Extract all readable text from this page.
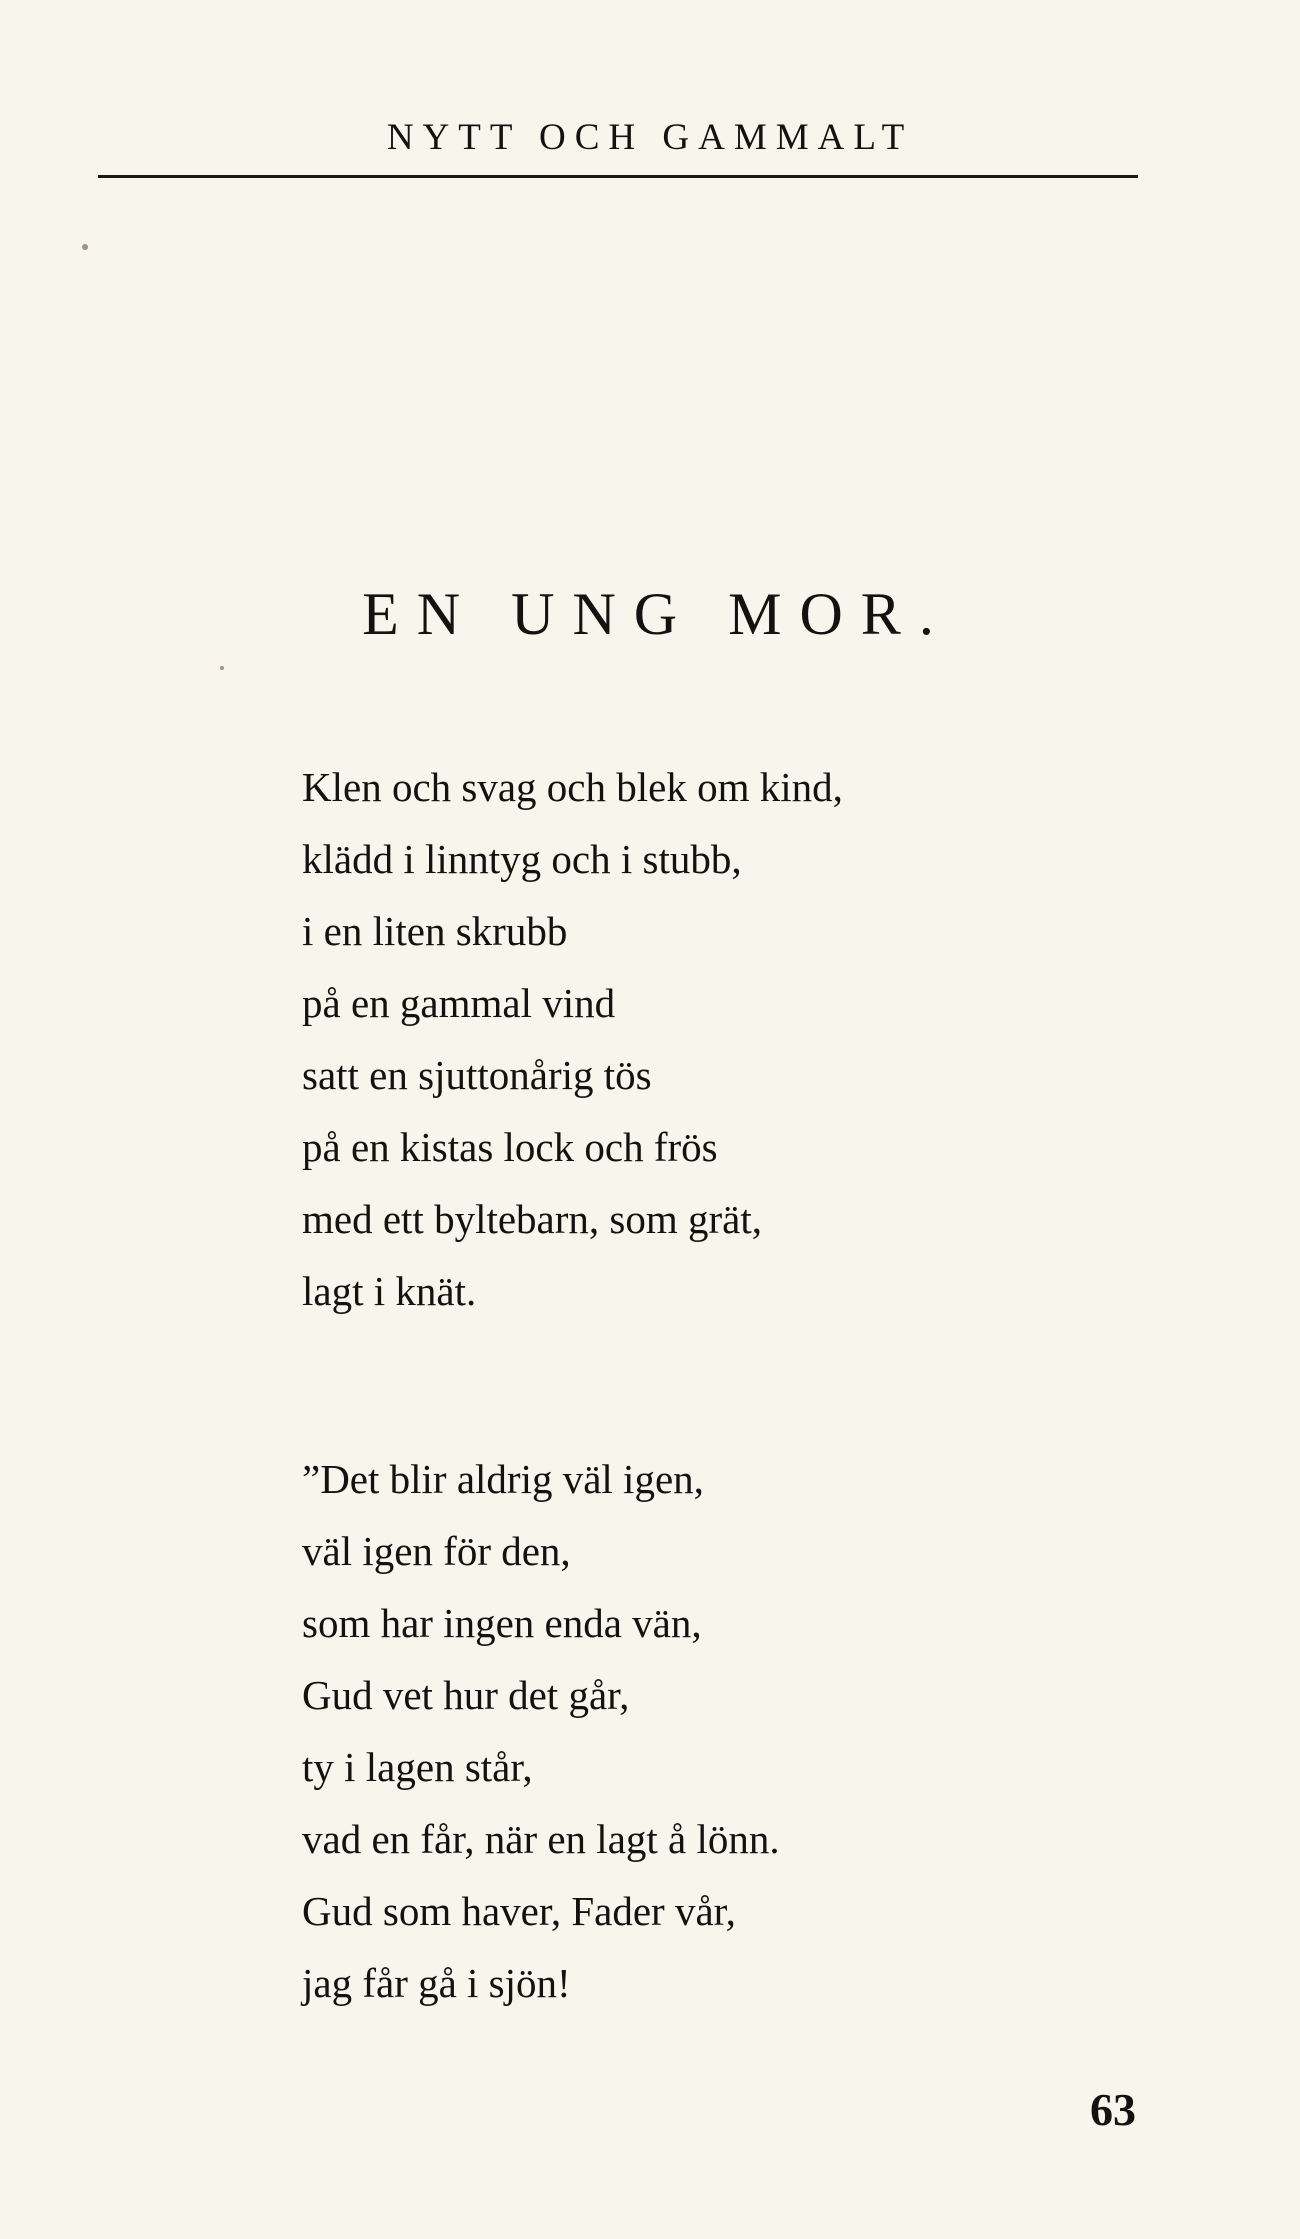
NYTT OCH GAMMALT
EN UNG MOR.
Klen och svag och blek om kind,
klädd i linntyg och i stubb,
i en liten skrubb
på en gammal vind
satt en sjuttonårig tös
på en kistas lock och frös
med ett byltebarn, som grät,
lagt i knät.
”Det blir aldrig väl igen,
väl igen för den,
som har ingen enda vän,
Gud vet hur det går,
ty i lagen står,
vad en får, när en lagt å lönn.
Gud som haver, Fader vår,
jag får gå i sjön!
63
